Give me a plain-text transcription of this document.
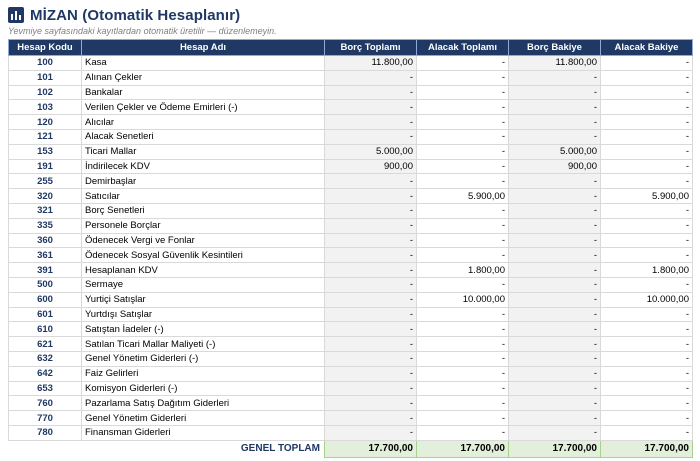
MİZAN (Otomatik Hesaplanır)
Yevmiye sayfasındaki kayıtlardan otomatik üretilir — düzenlemeyin.
Hesap Kodu	Hesap Adı	Borç Toplamı	Alacak Toplamı	Borç Bakiye	Alacak Bakiye
100	Kasa	11.800,00	-	11.800,00	-
101	Alınan Çekler	-	-	-	-
102	Bankalar	-	-	-	-
103	Verilen Çekler ve Ödeme Emirleri (-)	-	-	-	-
120	Alıcılar	-	-	-	-
121	Alacak Senetleri	-	-	-	-
153	Ticari Mallar	5.000,00	-	5.000,00	-
191	İndirilecek KDV	900,00	-	900,00	-
255	Demirbaşlar	-	-	-	-
320	Satıcılar	-	5.900,00	-	5.900,00
321	Borç Senetleri	-	-	-	-
335	Personele Borçlar	-	-	-	-
360	Ödenecek Vergi ve Fonlar	-	-	-	-
361	Ödenecek Sosyal Güvenlik Kesintileri	-	-	-	-
391	Hesaplanan KDV	-	1.800,00	-	1.800,00
500	Sermaye	-	-	-	-
600	Yurtiçi Satışlar	-	10.000,00	-	10.000,00
601	Yurtdışı Satışlar	-	-	-	-
610	Satıştan İadeler (-)	-	-	-	-
621	Satılan Ticari Mallar Maliyeti (-)	-	-	-	-
632	Genel Yönetim Giderleri (-)	-	-	-	-
642	Faiz Gelirleri	-	-	-	-
653	Komisyon Giderleri (-)	-	-	-	-
760	Pazarlama Satış Dağıtım Giderleri	-	-	-	-
770	Genel Yönetim Giderleri	-	-	-	-
780	Finansman Giderleri	-	-	-	-
	GENEL TOPLAM	17.700,00	17.700,00	17.700,00	17.700,00
